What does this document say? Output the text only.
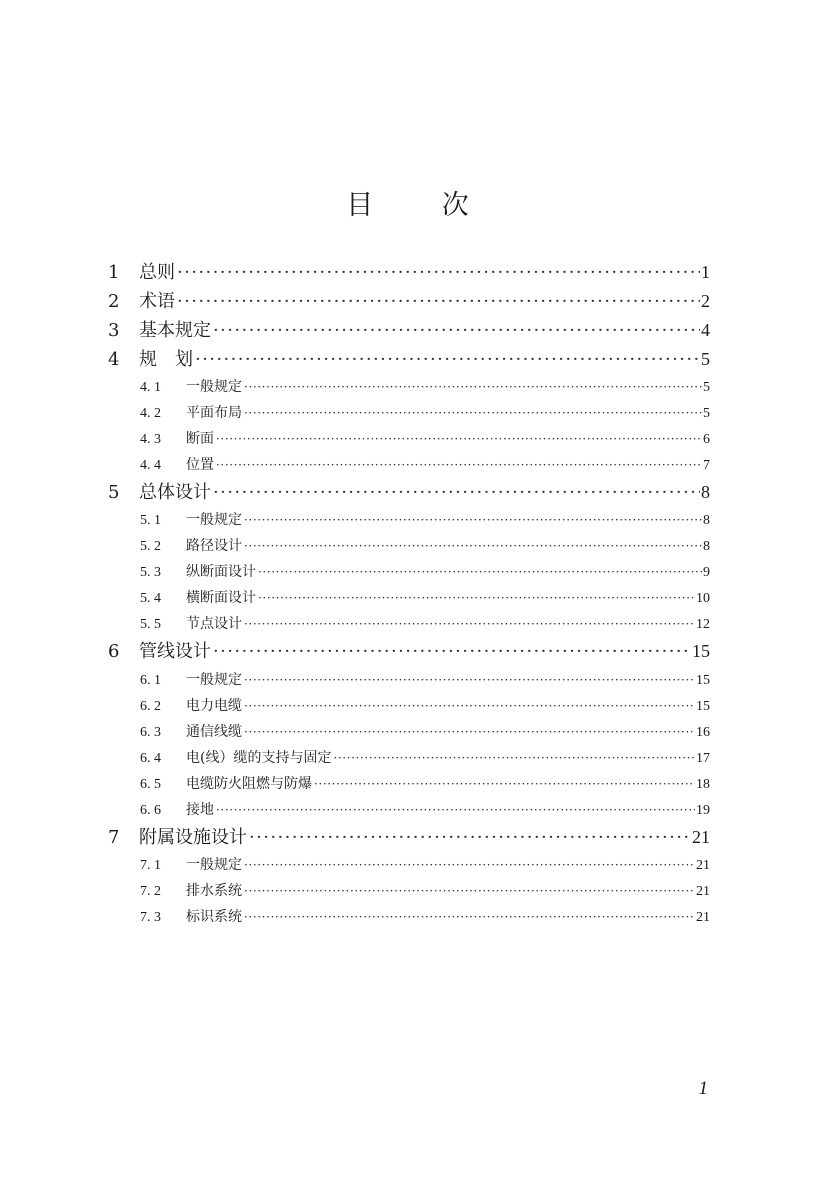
目 次
1	总则 ·····	1
2	术语 ·····	2
3	基本规定 ·····	4
4	规　划 ·····	5
4. 1	一般规定 ·····	5
4. 2	平面布局 ·····	5
4. 3	断面 ·····	6
4. 4	位置 ·····	7
5	总体设计 ·····	8
5. 1	一般规定 ·····	8
5. 2	路径设计 ·····	8
5. 3	纵断面设计 ·····	9
5. 4	横断面设计 ·····	10
5. 5	节点设计 ·····	12
6	管线设计 ·····	15
6. 1	一般规定 ·····	15
6. 2	电力电缆 ·····	15
6. 3	通信线缆 ·····	16
6. 4	电(线）缆的支持与固定 ·····	17
6. 5	电缆防火阻燃与防爆 ·····	18
6. 6	接地 ·····	19
7	附属设施设计 ·····	21
7. 1	一般规定 ·····	21
7. 2	排水系统 ·····	21
7. 3	标识系统 ·····	21
1
